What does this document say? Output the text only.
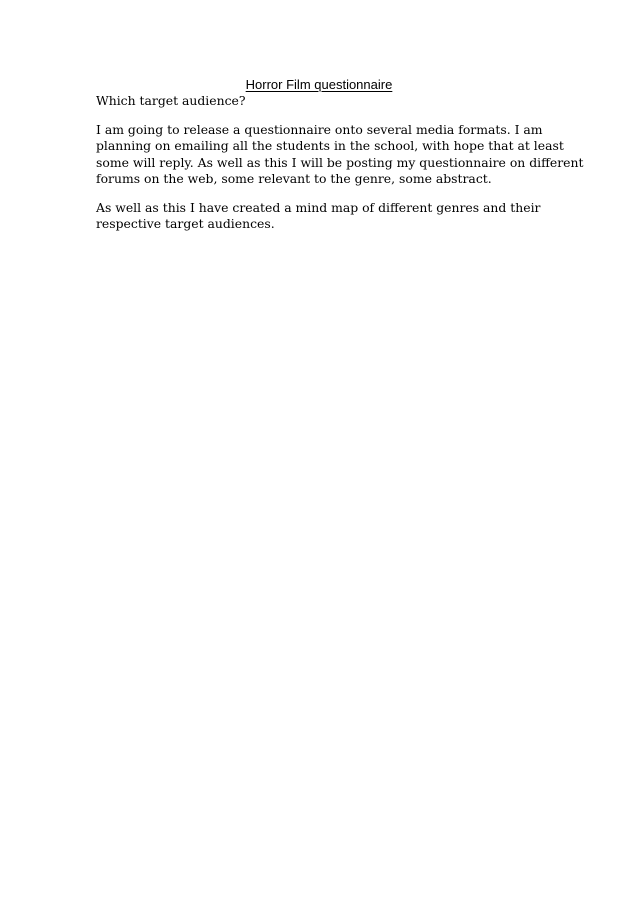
Horror Film questionnaire

Which target audience?

I am going to release a questionnaire onto several media formats. I am

planning on emailing all the students in the school, with hope that at least

some will reply. As well as this I will be posting my questionnaire on different

forums on the web, some relevant to the genre, some abstract.

As well as this I have created a mind map of different genres and their

respective target audiences.
